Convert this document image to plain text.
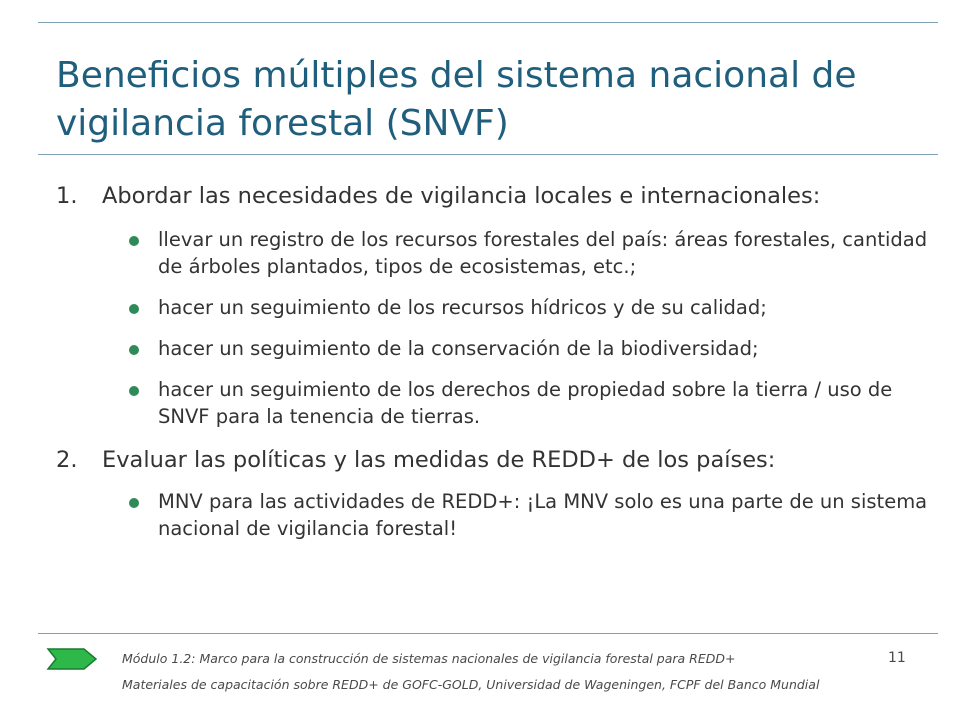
Beneficios múltiples del sistema nacional de vigilancia forestal (SNVF)
1. Abordar las necesidades de vigilancia locales e internacionales:
llevar un registro de los recursos forestales del país: áreas forestales, cantidad de árboles plantados, tipos de ecosistemas, etc.;
hacer un seguimiento de los recursos hídricos y de su calidad;
hacer un seguimiento de la conservación de la biodiversidad;
hacer un seguimiento de los derechos de propiedad sobre la tierra / uso de SNVF para la tenencia de tierras.
2. Evaluar las políticas y las medidas de REDD+ de los países:
MNV para las actividades de REDD+: ¡La MNV solo es una parte de un sistema nacional de vigilancia forestal!
Módulo 1.2: Marco para la construcción de sistemas nacionales de vigilancia forestal para REDD+	11
Materiales de capacitación sobre REDD+ de GOFC-GOLD, Universidad de Wageningen, FCPF del Banco Mundial
